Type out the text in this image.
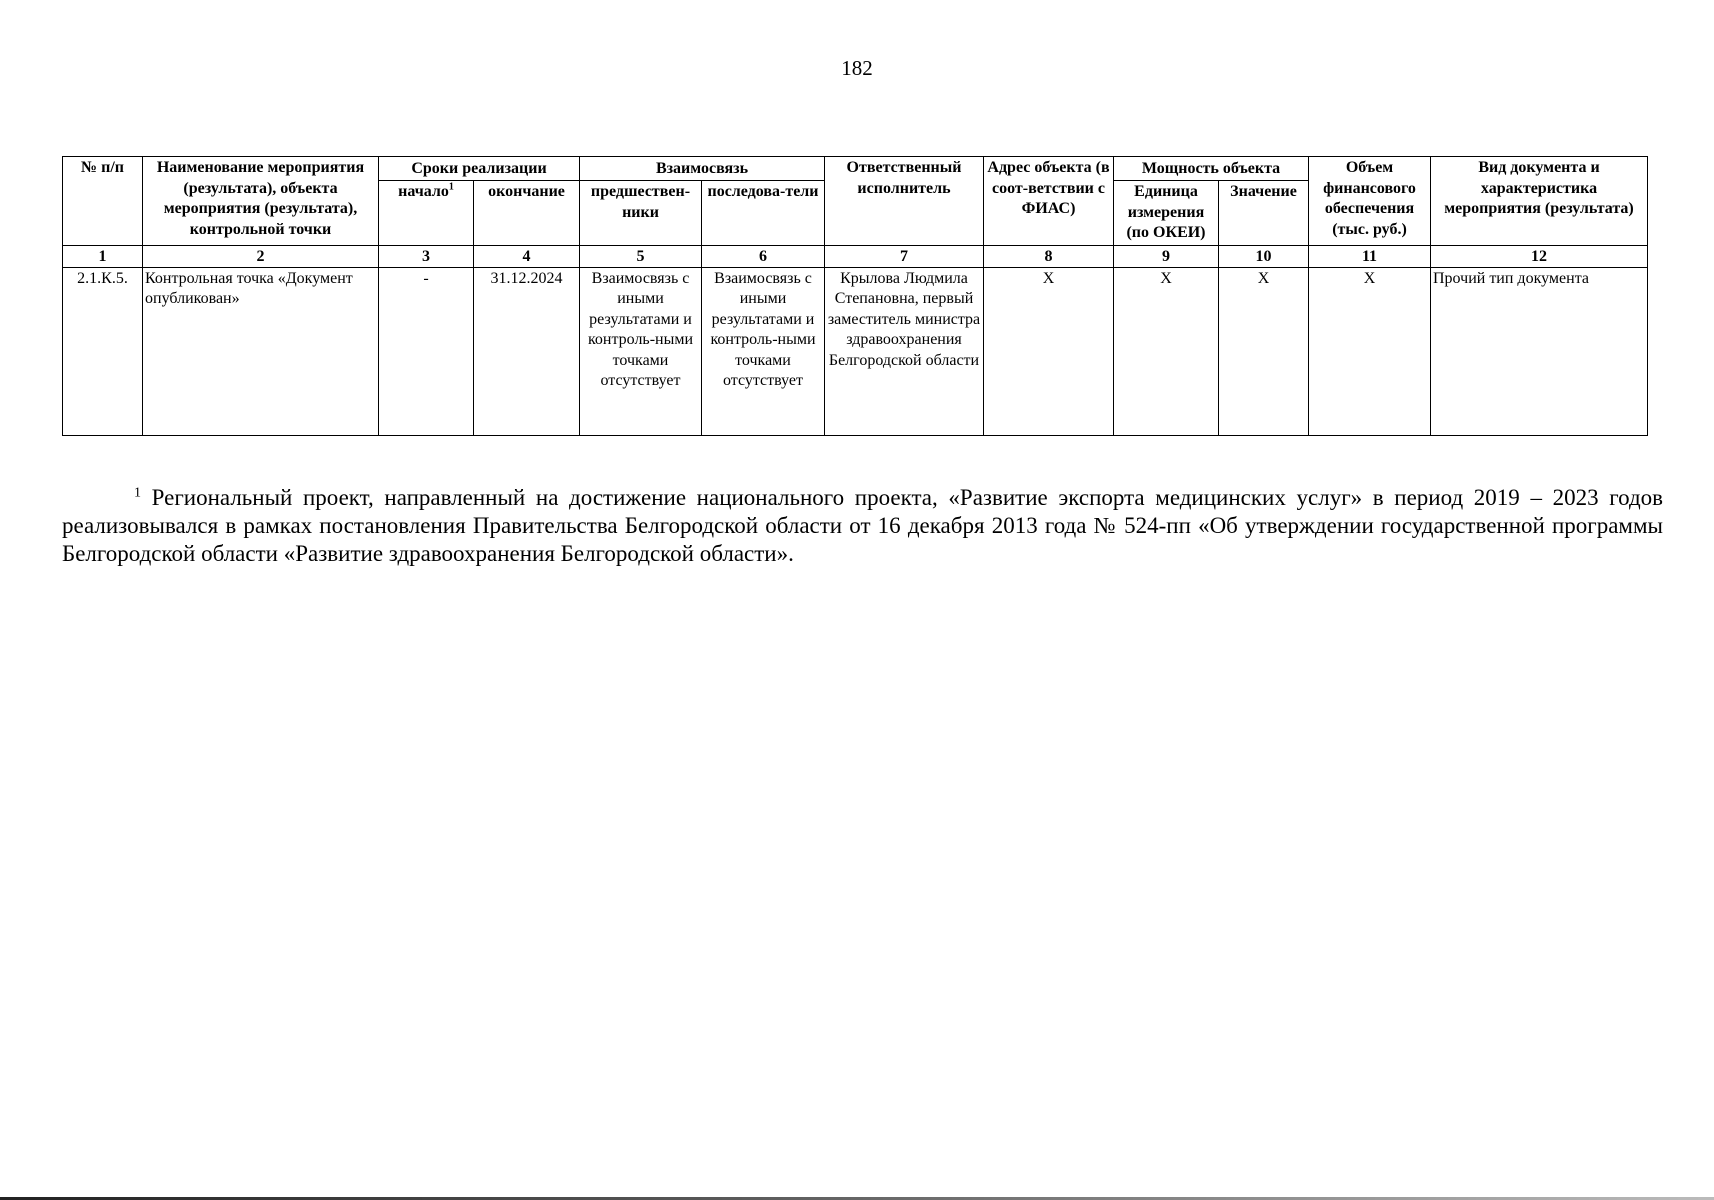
182
№ п/п	Наименование мероприятия (результата), объекта мероприятия (результата), контрольной точки	Сроки реализации		Взаимосвязь		Ответственный исполнитель	Адрес объекта (в соот-ветствии с ФИАС)	Мощность объекта		Объем финансового обеспечения (тыс. руб.)	Вид документа и характеристика мероприятия (результата)
		начало$^1$	окончание	предшествен-ники	последова-тели			Единица измерения (по ОКЕИ)	Значение		
1	2	3	4	5	6	7	8	9	10	11	12
2.1.К.5.	Контрольная точка «Документ опубликован»	-	31.12.2024	Взаимосвязь с иными результатами и контроль-ными точками отсутствует	Взаимосвязь с иными результатами и контроль-ными точками отсутствует	Крылова Людмила Степановна, первый заместитель министра здравоохранения Белгородской области	X	X	X	X	Прочий тип документа

$^1$ Региональный проект, направленный на достижение национального проекта, «Развитие экспорта медицинских услуг» в период 2019 – 2023 годов реализовывался в рамках постановления Правительства Белгородской области от 16 декабря 2013 года № 524-пп «Об утверждении государственной программы Белгородской области «Развитие здравоохранения Белгородской области».
